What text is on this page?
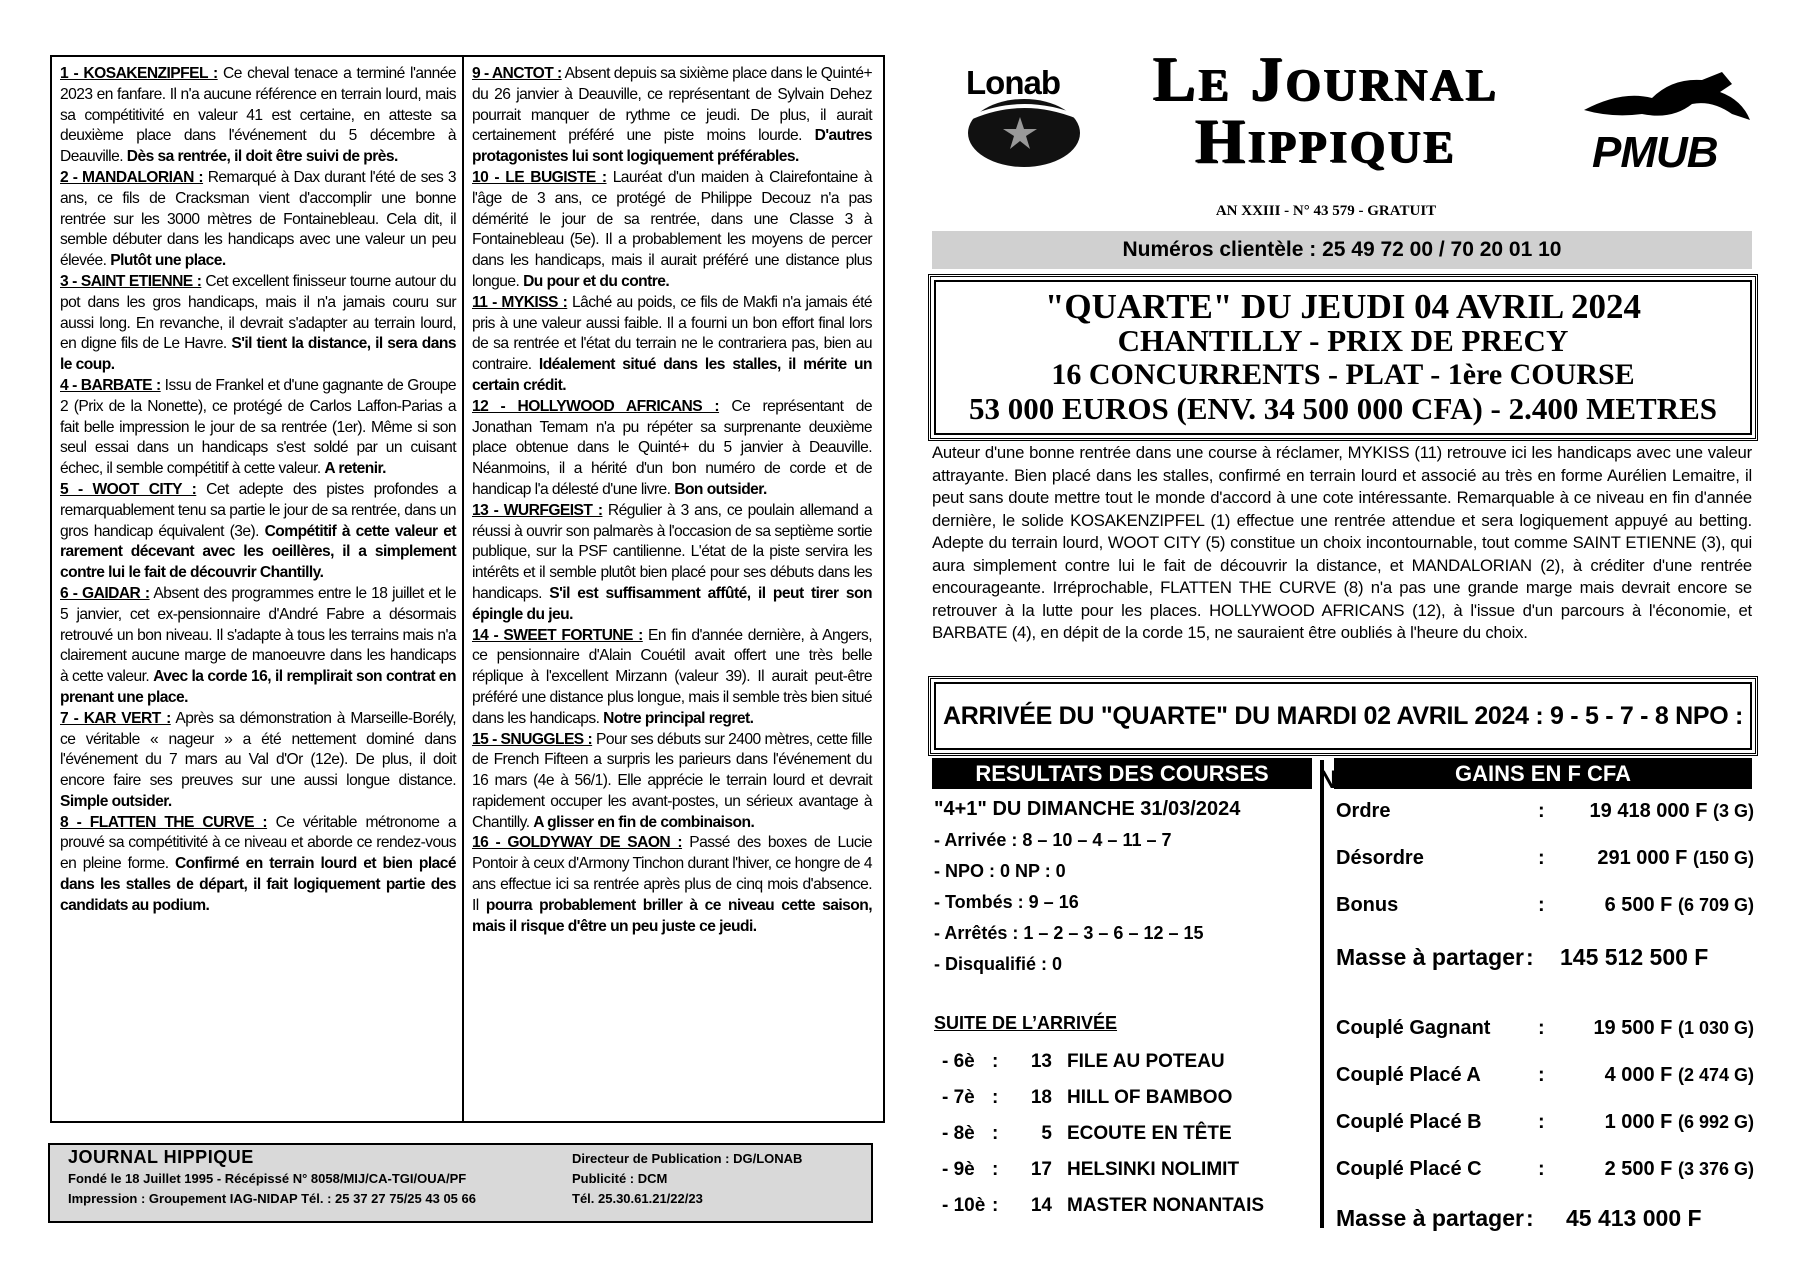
1 - KOSAKENZIPFEL : Ce cheval tenace a terminé l'année 2023 en fanfare. Il n'a aucune référence en terrain lourd, mais sa compétitivité en valeur 41 est certaine, en atteste sa deuxième place dans l'événement du 5 décembre à Deauville. Dès sa rentrée, il doit être suivi de près.

2 - MANDALORIAN : Remarqué à Dax durant l'été de ses 3 ans, ce fils de Cracksman vient d'accomplir une bonne rentrée sur les 3000 mètres de Fontainebleau. Cela dit, il semble débuter dans les handicaps avec une valeur un peu élevée. Plutôt une place.

3 - SAINT ETIENNE : Cet excellent finisseur tourne autour du pot dans les gros handicaps, mais il n'a jamais couru sur aussi long. En revanche, il devrait s'adapter au terrain lourd, en digne fils de Le Havre. S'il tient la distance, il sera dans le coup.

4 - BARBATE : Issu de Frankel et d'une gagnante de Groupe 2 (Prix de la Nonette), ce protégé de Carlos Laffon-Parias a fait belle impression le jour de sa rentrée (1er). Même si son seul essai dans un handicaps s'est soldé par un cuisant échec, il semble compétitif à cette valeur. A retenir.

5 - WOOT CITY : Cet adepte des pistes profondes a remarquablement tenu sa partie le jour de sa rentrée, dans un gros handicap équivalent (3e). Compétitif à cette valeur et rarement décevant avec les oeillères, il a simplement contre lui le fait de découvrir Chantilly.

6 - GAIDAR : Absent des programmes entre le 18 juillet et le 5 janvier, cet ex-pensionnaire d'André Fabre a désormais retrouvé un bon niveau. Il s'adapte à tous les terrains mais n'a clairement aucune marge de manoeuvre dans les handicaps à cette valeur. Avec la corde 16, il remplirait son contrat en prenant une place.

7 - KAR VERT : Après sa démonstration à Marseille-Borély, ce véritable « nageur » a été nettement dominé dans l'événement du 7 mars au Val d'Or (12e). De plus, il doit encore faire ses preuves sur une aussi longue distance. Simple outsider.

8 - FLATTEN THE CURVE : Ce véritable métronome a prouvé sa compétitivité à ce niveau et aborde ce rendez-vous en pleine forme. Confirmé en terrain lourd et bien placé dans les stalles de départ, il fait logiquement partie des candidats au podium.

9 - ANCTOT : Absent depuis sa sixième place dans le Quinté+ du 26 janvier à Deauville, ce représentant de Sylvain Dehez pourrait manquer de rythme ce jeudi. De plus, il aurait certainement préféré une piste moins lourde. D'autres protagonistes lui sont logiquement préférables.

10 - LE BUGISTE : Lauréat d'un maiden à Clairefontaine à l'âge de 3 ans, ce protégé de Philippe Decouz n'a pas démérité le jour de sa rentrée, dans une Classe 3 à Fontainebleau (5e). Il a probablement les moyens de percer dans les handicaps, mais il aurait préféré une distance plus longue. Du pour et du contre.

11 - MYKISS : Lâché au poids, ce fils de Makfi n'a jamais été pris à une valeur aussi faible. Il a fourni un bon effort final lors de sa rentrée et l'état du terrain ne le contrariera pas, bien au contraire. Idéalement situé dans les stalles, il mérite un certain crédit.

12 - HOLLYWOOD AFRICANS : Ce représentant de Jonathan Temam n'a pu répéter sa surprenante deuxième place obtenue dans le Quinté+ du 5 janvier à Deauville. Néanmoins, il a hérité d'un bon numéro de corde et de handicap l'a délesté d'une livre. Bon outsider.

13 - WURFGEIST : Régulier à 3 ans, ce poulain allemand a réussi à ouvrir son palmarès à l'occasion de sa septième sortie publique, sur la PSF cantilienne. L'état de la piste servira les intérêts et il semble plutôt bien placé pour ses débuts dans les handicaps. S'il est suffisamment affûté, il peut tirer son épingle du jeu.

14 - SWEET FORTUNE : En fin d'année dernière, à Angers, ce pensionnaire d'Alain Couétil avait offert une très belle réplique à l'excellent Mirzann (valeur 39). Il aurait peut-être préféré une distance plus longue, mais il semble très bien situé dans les handicaps. Notre principal regret.

15 - SNUGGLES : Pour ses débuts sur 2400 mètres, cette fille de French Fifteen a surpris les parieurs dans l'événement du 16 mars (4e à 56/1). Elle apprécie le terrain lourd et devrait rapidement occuper les avant-postes, un sérieux avantage à Chantilly. A glisser en fin de combinaison.

16 - GOLDYWAY DE SAON : Passé des boxes de Lucie Pontoir à ceux d'Armony Tinchon durant l'hiver, ce hongre de 4 ans effectue ici sa rentrée après plus de cinq mois d'absence. Il pourra probablement briller à ce niveau cette saison, mais il risque d'être un peu juste ce jeudi.

JOURNAL HIPPIQUE
Fondé le 18 Juillet 1995 - Récépissé N° 8058/MIJ/CA-TGI/OUA/PF
Impression : Groupement IAG-NIDAP Tél. : 25 37 27 75/25 43 05 66
Directeur de Publication : DG/LONAB
Publicité : DCM
Tél. 25.30.61.21/22/23
Lonab	Le Journal
Hippique	PMUB
AN XXIII - N° 43 579 - GRATUIT
Numéros clientèle : 25 49 72 00 / 70 20 01 10
"QUARTE" DU JEUDI 04 AVRIL 2024
CHANTILLY - PRIX DE PRECY
16 CONCURRENTS - PLAT - 1ère COURSE
53 000 EUROS (ENV. 34 500 000 CFA) - 2.400 METRES
Auteur d'une bonne rentrée dans une course à réclamer, MYKISS (11) retrouve ici les handicaps avec une valeur attrayante. Bien placé dans les stalles, confirmé en terrain lourd et associé au très en forme Aurélien Lemaitre, il peut sans doute mettre tout le monde d'accord à une cote intéressante. Remarquable à ce niveau en fin d'année dernière, le solide KOSAKENZIPFEL (1) effectue une rentrée attendue et sera logiquement appuyé au betting. Adepte du terrain lourd, WOOT CITY (5) constitue un choix incontournable, tout comme SAINT ETIENNE (3), qui aura simplement contre lui le fait de découvrir la distance, et MANDALORIAN (2), à créditer d'une rentrée encourageante. Irréprochable, FLATTEN THE CURVE (8) n'a pas une grande marge mais devrait encore se retrouver à la lutte pour les places. HOLLYWOOD AFRICANS (12), à l'issue d'un parcours à l'économie, et BARBATE (4), en dépit de la corde 15, ne sauraient être oubliés à l'heure du choix.
ARRIVÉE DU "QUARTE" DU MARDI 02 AVRIL 2024 : 9 - 5 - 7 - 8 NPO :
RESULTATS DES COURSES	GAINS EN F CFA
"4+1" DU DIMANCHE 31/03/2024
- Arrivée : 8 – 10 – 4 – 11 – 7
- NPO : 0 NP : 0
- Tombés : 9 – 16
- Arrêtés : 1 – 2 – 3 – 6 – 12 – 15
- Disqualifié : 0
SUITE DE L’ARRIVÉE
- 6è : 13 FILE AU POTEAU
- 7è : 18 HILL OF BAMBOO
- 8è : 5 ECOUTE EN TÊTE
- 9è : 17 HELSINKI NOLIMIT
- 10è : 14 MASTER NONANTAIS
Ordre	: 19 418 000 F (3 G)
Désordre	:	291 000 F (150 G)
Bonus	:	6 500 F (6 709 G)
Masse à partager : 145 512 500 F
Couplé Gagnant : 19 500 F (1 030 G)
Couplé Placé A	:	4 000 F (2 474 G)
Couplé Placé B	:	1 000 F (6 992 G)
Couplé Placé C	:	2 500 F (3 376 G)
Masse à partager : 45 413 000 F
